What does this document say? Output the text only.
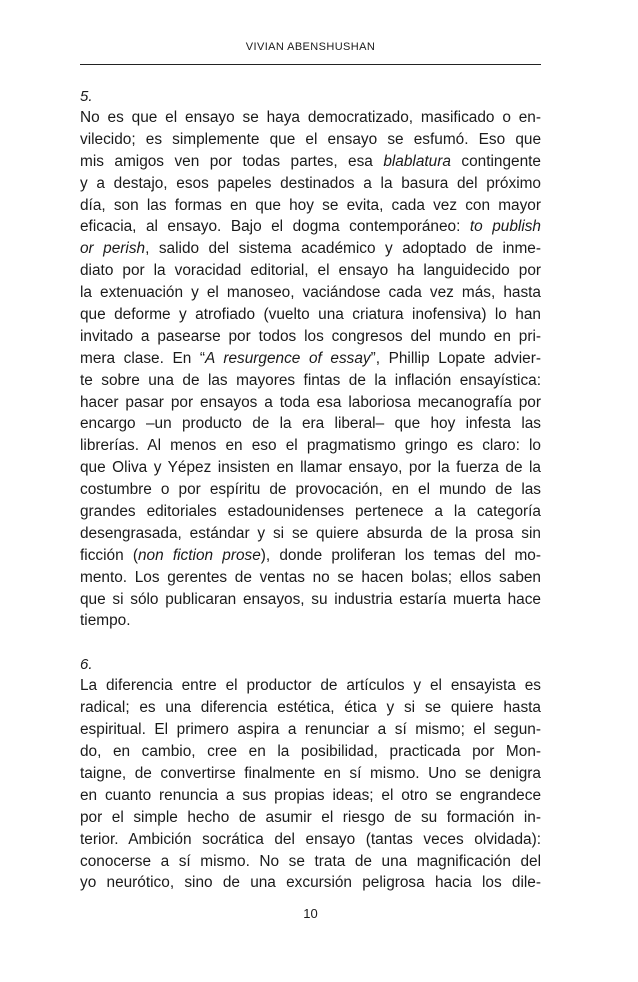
VIVIAN ABENSHUSHAN
5.
No es que el ensayo se haya democratizado, masificado o en-
vilecido; es simplemente que el ensayo se esfumó. Eso que
mis amigos ven por todas partes, esa blablatura contingente
y a destajo, esos papeles destinados a la basura del próximo
día, son las formas en que hoy se evita, cada vez con mayor
eficacia, al ensayo. Bajo el dogma contemporáneo: to publish
or perish, salido del sistema académico y adoptado de inme-
diato por la voracidad editorial, el ensayo ha languidecido por
la extenuación y el manoseo, vaciándose cada vez más, hasta
que deforme y atrofiado (vuelto una criatura inofensiva) lo han
invitado a pasearse por todos los congresos del mundo en pri-
mera clase. En “A resurgence of essay”, Phillip Lopate advier-
te sobre una de las mayores fintas de la inflación ensayística:
hacer pasar por ensayos a toda esa laboriosa mecanografía por
encargo –un producto de la era liberal– que hoy infesta las
librerías. Al menos en eso el pragmatismo gringo es claro: lo
que Oliva y Yépez insisten en llamar ensayo, por la fuerza de la
costumbre o por espíritu de provocación, en el mundo de las
grandes editoriales estadounidenses pertenece a la categoría
desengrasada, estándar y si se quiere absurda de la prosa sin
ficción (non fiction prose), donde proliferan los temas del mo-
mento. Los gerentes de ventas no se hacen bolas; ellos saben
que si sólo publicaran ensayos, su industria estaría muerta hace
tiempo.
6.
La diferencia entre el productor de artículos y el ensayista es
radical; es una diferencia estética, ética y si se quiere hasta
espiritual. El primero aspira a renunciar a sí mismo; el segun-
do, en cambio, cree en la posibilidad, practicada por Mon-
taigne, de convertirse finalmente en sí mismo. Uno se denigra
en cuanto renuncia a sus propias ideas; el otro se engrandece
por el simple hecho de asumir el riesgo de su formación in-
terior. Ambición socrática del ensayo (tantas veces olvidada):
conocerse a sí mismo. No se trata de una magnificación del
yo neurótico, sino de una excursión peligrosa hacia los dile-
10
